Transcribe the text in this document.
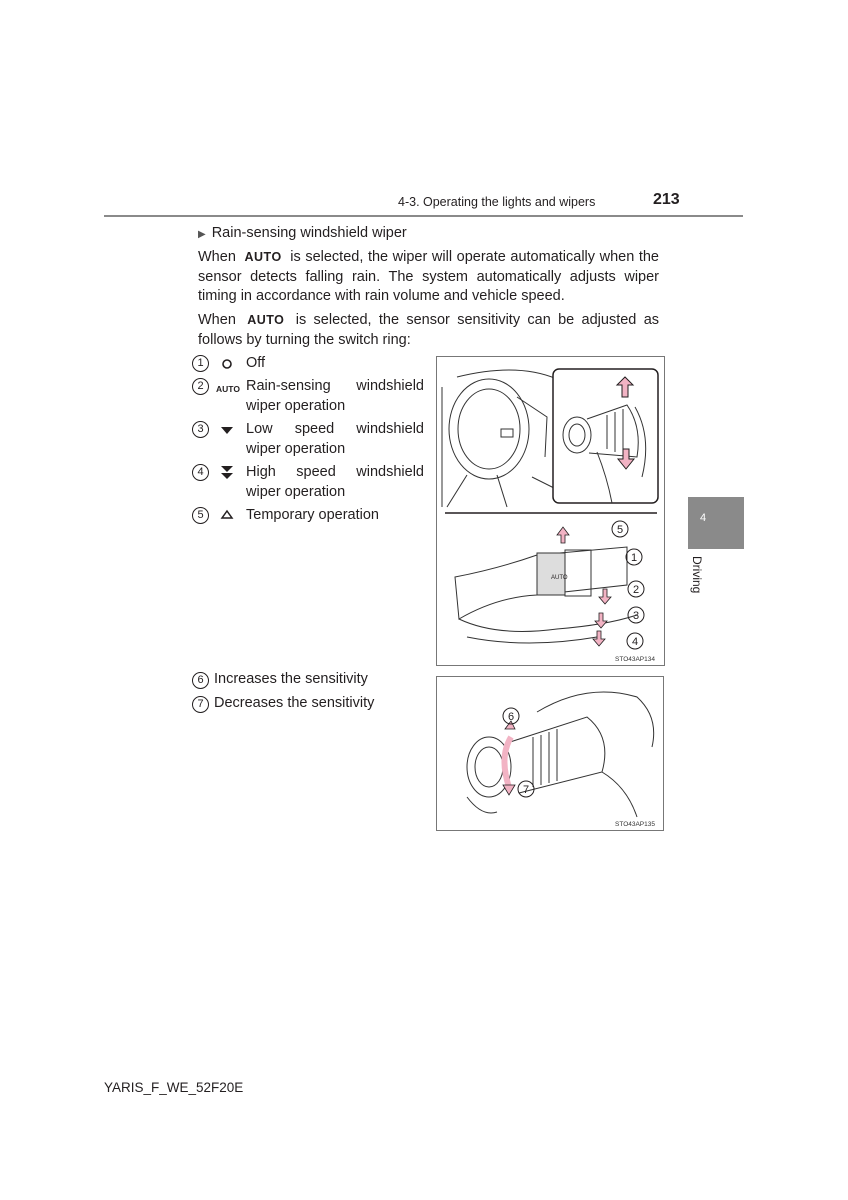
4-3. Operating the lights and wipers	213
4
Driving
▶ Rain-sensing windshield wiper
When AUTO is selected, the wiper will operate automatically when the sensor detects falling rain. The system automatically adjusts wiper timing in accordance with rain volume and vehicle speed.
When AUTO is selected, the sensor sensitivity can be adjusted as follows by turning the switch ring:
1	Off
2	AUTO Rain-sensing windshield wiper operation
3	Low speed windshield wiper operation
4	High speed windshield wiper operation
5	Temporary operation
AUTO
5
1
2
3
4
STO43AP134
6 Increases the sensitivity
7 Decreases the sensitivity
6
7
STO43AP135
YARIS_F_WE_52F20E
